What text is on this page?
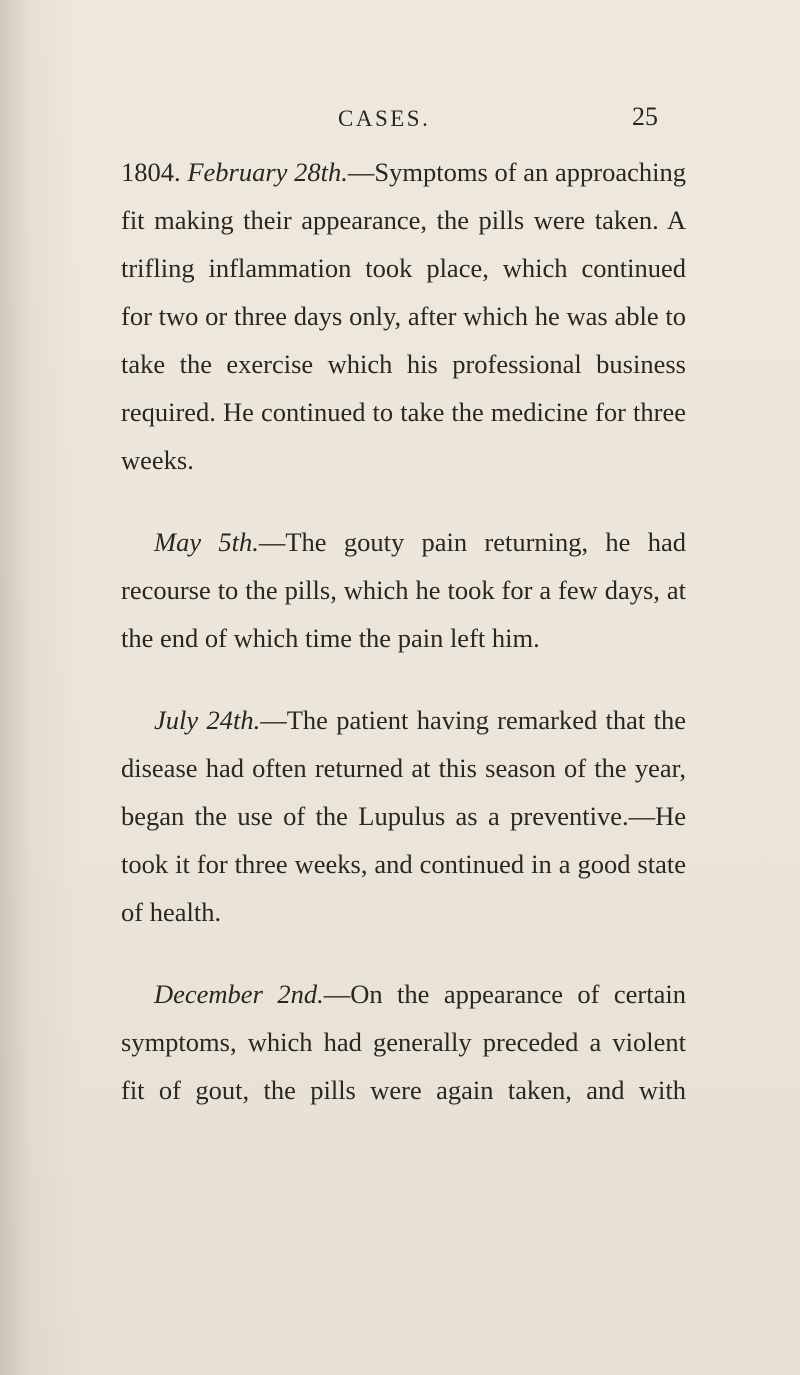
CASES.	25

1804. February 28th.—Symptoms of an approaching fit making their appearance, the pills were taken. A trifling inflammation took place, which continued for two or three days only, after which he was able to take the exercise which his professional business required. He continued to take the medicine for three weeks.

May 5th.—The gouty pain returning, he had recourse to the pills, which he took for a few days, at the end of which time the pain left him.

July 24th.—The patient having remarked that the disease had often returned at this season of the year, began the use of the Lupulus as a preventive.—He took it for three weeks, and continued in a good state of health.

December 2nd.—On the appearance of certain symptoms, which had generally preceded a violent fit of gout, the pills were again taken, and with
